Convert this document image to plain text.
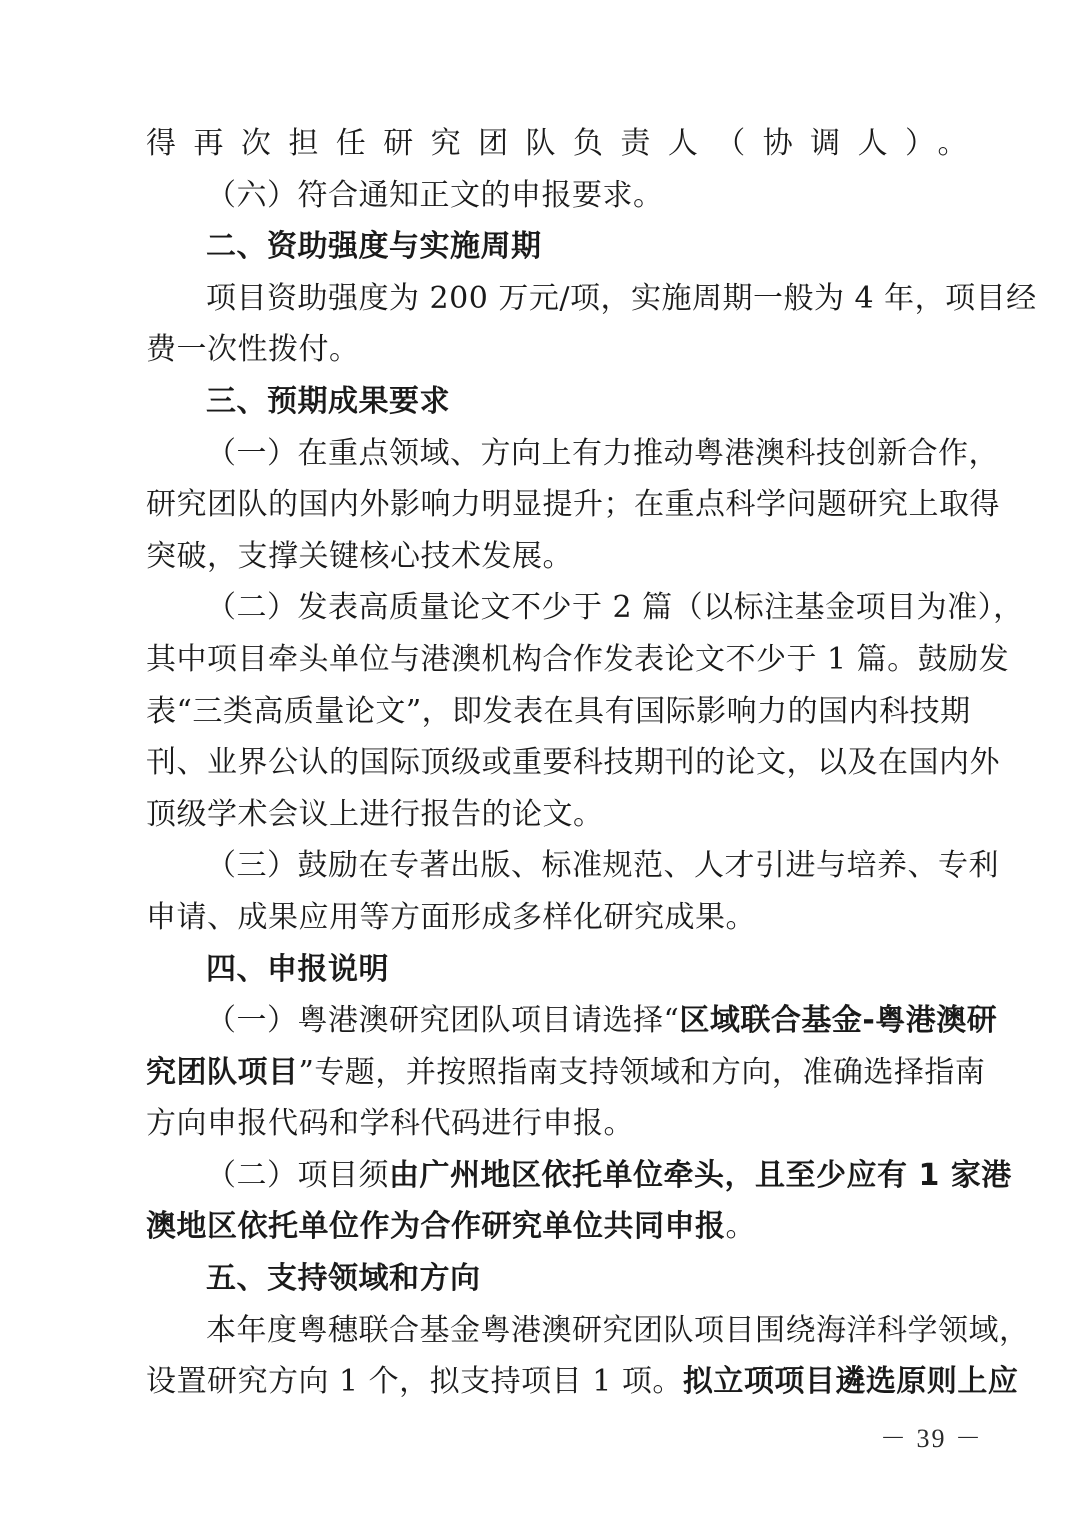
得再次担任研究团队负责人（协调人）。
（六）符合通知正文的申报要求。
二、资助强度与实施周期
项目资助强度为 200 万元/项，实施周期一般为 4 年，项目经
费一次性拨付。
三、预期成果要求
（一）在重点领域、方向上有力推动粤港澳科技创新合作，
研究团队的国内外影响力明显提升；在重点科学问题研究上取得
突破，支撑关键核心技术发展。
（二）发表高质量论文不少于 2 篇（以标注基金项目为准），
其中项目牵头单位与港澳机构合作发表论文不少于 1 篇。鼓励发
表“三类高质量论文”，即发表在具有国际影响力的国内科技期
刊、业界公认的国际顶级或重要科技期刊的论文，以及在国内外
顶级学术会议上进行报告的论文。
（三）鼓励在专著出版、标准规范、人才引进与培养、专利
申请、成果应用等方面形成多样化研究成果。
四、申报说明
（一）粤港澳研究团队项目请选择“区域联合基金-粤港澳研
究团队项目”专题，并按照指南支持领域和方向，准确选择指南
方向申报代码和学科代码进行申报。
（二）项目须由广州地区依托单位牵头，且至少应有 1 家港
澳地区依托单位作为合作研究单位共同申报。
五、支持领域和方向
本年度粤穗联合基金粤港澳研究团队项目围绕海洋科学领域，
设置研究方向 1 个，拟支持项目 1 项。拟立项项目遴选原则上应
－ 39 －
